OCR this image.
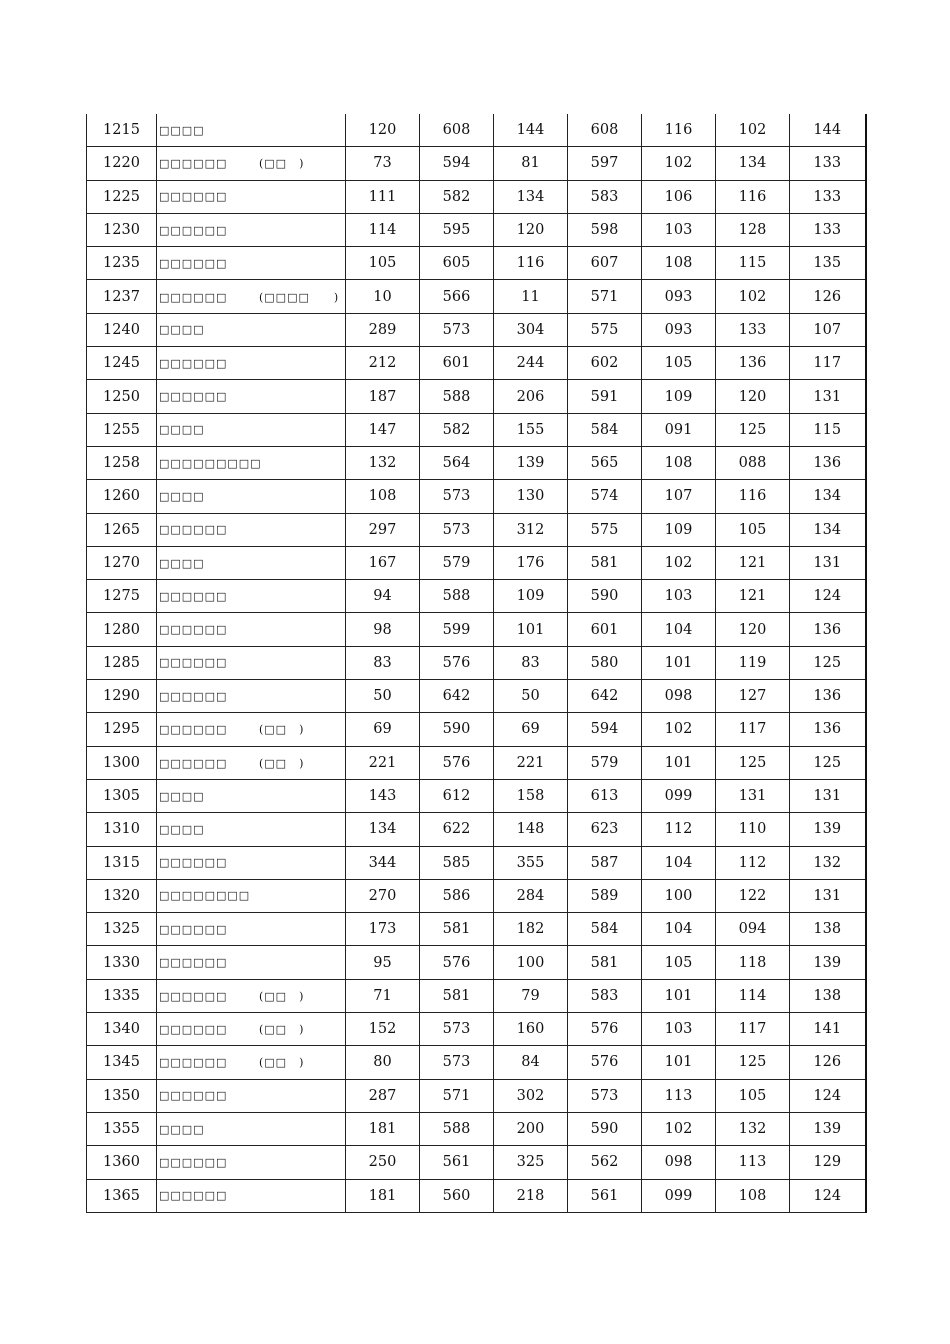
1215	□□□□	120	608	144	608	116	102	144
1220	□□□□□□ (□□　)	73	594	81	597	102	134	133
1225	□□□□□□	111	582	134	583	106	116	133
1230	□□□□□□	114	595	120	598	103	128	133
1235	□□□□□□	105	605	116	607	108	115	135
1237	□□□□□□ (□□□□　　)	10	566	11	571	093	102	126
1240	□□□□	289	573	304	575	093	133	107
1245	□□□□□□	212	601	244	602	105	136	117
1250	□□□□□□	187	588	206	591	109	120	131
1255	□□□□	147	582	155	584	091	125	115
1258	□□□□□□□□□	132	564	139	565	108	088	136
1260	□□□□	108	573	130	574	107	116	134
1265	□□□□□□	297	573	312	575	109	105	134
1270	□□□□	167	579	176	581	102	121	131
1275	□□□□□□	94	588	109	590	103	121	124
1280	□□□□□□	98	599	101	601	104	120	136
1285	□□□□□□	83	576	83	580	101	119	125
1290	□□□□□□	50	642	50	642	098	127	136
1295	□□□□□□ (□□　)	69	590	69	594	102	117	136
1300	□□□□□□ (□□　)	221	576	221	579	101	125	125
1305	□□□□	143	612	158	613	099	131	131
1310	□□□□	134	622	148	623	112	110	139
1315	□□□□□□	344	585	355	587	104	112	132
1320	□□□□□□□□	270	586	284	589	100	122	131
1325	□□□□□□	173	581	182	584	104	094	138
1330	□□□□□□	95	576	100	581	105	118	139
1335	□□□□□□ (□□　)	71	581	79	583	101	114	138
1340	□□□□□□ (□□　)	152	573	160	576	103	117	141
1345	□□□□□□ (□□　)	80	573	84	576	101	125	126
1350	□□□□□□	287	571	302	573	113	105	124
1355	□□□□	181	588	200	590	102	132	139
1360	□□□□□□	250	561	325	562	098	113	129
1365	□□□□□□	181	560	218	561	099	108	124
